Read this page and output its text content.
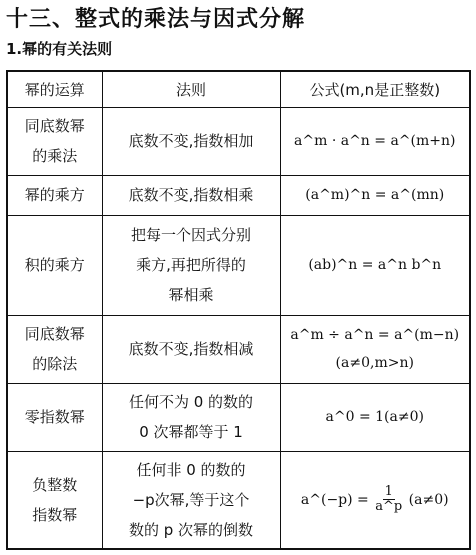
十三、整式的乘法与因式分解
1.幂的有关法则
幂的运算	法则	公式(m,n是正整数)

同底数幂
的乘法	底数不变,指数相加	a^m · a^n = a^(m+n)

幂的乘方	底数不变,指数相乘	(a^m)^n = a^(mn)

积的乘方	把每一个因式分别
乘方,再把所得的
幂相乘	(ab)^n = a^n b^n

同底数幂
的除法	底数不变,指数相减	a^m ÷ a^n = a^(m−n)
(a≠0,m>n)

零指数幂	任何不为 0 的数的
0 次幂都等于 1	a^0 = 1(a≠0)

负整数
指数幂	任何非 0 的数的
−p次幂,等于这个
数的 p 次幂的倒数	a^(−p) = $\frac{1}{a\^{}p} (a\ne 0)$
